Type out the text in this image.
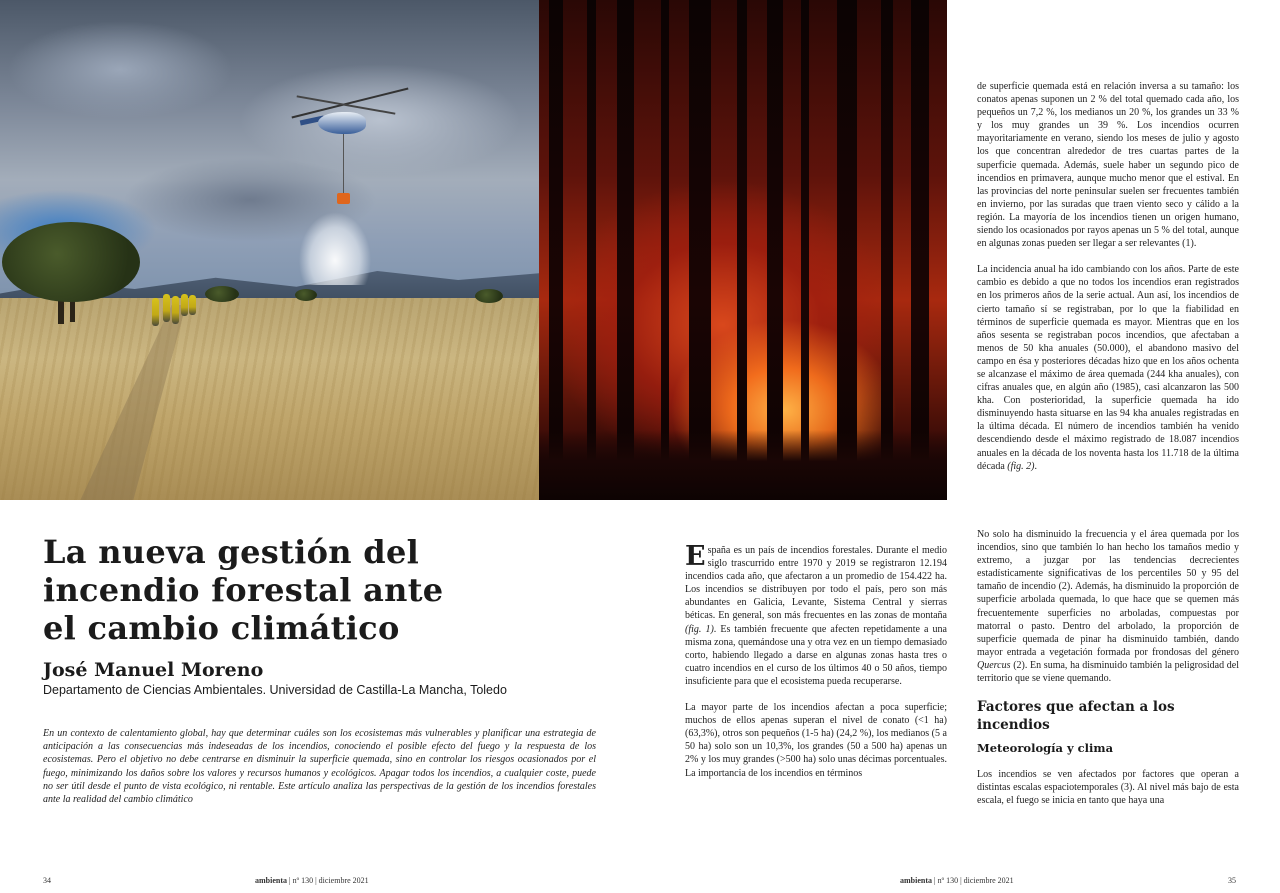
La nueva gestión del
incendio forestal ante
el cambio climático
José Manuel Moreno
Departamento de Ciencias Ambientales. Universidad de Castilla-La Mancha, Toledo

En un contexto de calentamiento global, hay que determinar cuáles son los ecosistemas más vulnerables y planificar una estrategia de anticipación a las consecuencias más indeseadas de los incendios, conociendo el posible efecto del fuego y la respuesta de los ecosistemas. Pero el objetivo no debe centrarse en disminuir la superficie quemada, sino en controlar los riesgos ocasionados por el fuego, minimizando los daños sobre los valores y recursos humanos y ecológicos. Apagar todos los incendios, a cualquier coste, puede no ser útil desde el punto de vista ecológico, ni rentable. Este artículo analiza las perspectivas de la gestión de los incendios forestales ante la realidad del cambio climático

España es un país de incendios forestales. Durante el medio siglo trascurrido entre 1970 y 2019 se registraron 12.194 incendios cada año, que afectaron a un promedio de 154.422 ha. Los incendios se distribuyen por todo el país, pero son más abundantes en Galicia, Levante, Sistema Central y sierras béticas. En general, son más frecuentes en las zonas de montaña (fig. 1). Es también frecuente que afecten repetidamente a una misma zona, quemándose una y otra vez en un tiempo demasiado corto, habiendo llegado a darse en algunas zonas hasta tres o cuatro incendios en el curso de los últimos 40 o 50 años, tiempo insuficiente para que el ecosistema pueda recuperarse.

La mayor parte de los incendios afectan a poca superficie; muchos de ellos apenas superan el nivel de conato (<1 ha) (63,3%), otros son pequeños (1-5 ha) (24,2 %), los medianos (5 a 50 ha) solo son un 10,3%, los grandes (50 a 500 ha) apenas un 2% y los muy grandes (>500 ha) solo unas décimas porcentuales. La importancia de los incendios en términos

de superficie quemada está en relación inversa a su tamaño: los conatos apenas suponen un 2 % del total quemado cada año, los pequeños un 7,2 %, los medianos un 20 %, los grandes un 33 % y los muy grandes un 39 %. Los incendios ocurren mayoritariamente en verano, siendo los meses de julio y agosto los que concentran alrededor de tres cuartas partes de la superficie quemada. Además, suele haber un segundo pico de incendios en primavera, aunque mucho menor que el estival. En las provincias del norte peninsular suelen ser frecuentes también en invierno, por las suradas que traen viento seco y cálido a la región. La mayoría de los incendios tienen un origen humano, siendo los ocasionados por rayos apenas un 5 % del total, aunque en algunas zonas pueden ser llegar a ser relevantes (1).

La incidencia anual ha ido cambiando con los años. Parte de este cambio es debido a que no todos los incendios eran registrados en los primeros años de la serie actual. Aun así, los incendios de cierto tamaño sí se registraban, por lo que la fiabilidad en términos de superficie quemada es mayor. Mientras que en los años sesenta se registraban pocos incendios, que afectaban a menos de 50 kha anuales (50.000), el abandono masivo del campo en ésa y posteriores décadas hizo que en los años ochenta se alcanzase el máximo de área quemada (244 kha anuales), con cifras anuales que, en algún año (1985), casi alcanzaron las 500 kha. Con posterioridad, la superficie quemada ha ido disminuyendo hasta situarse en las 94 kha anuales registradas en la última década. El número de incendios también ha venido descendiendo desde el máximo registrado de 18.087 incendios anuales en la década de los noventa hasta los 11.718 de la última década (fig. 2).

No solo ha disminuido la frecuencia y el área quemada por los incendios, sino que también lo han hecho los tamaños medio y extremo, a juzgar por las tendencias decrecientes estadísticamente significativas de los percentiles 50 y 95 del tamaño de incendio (2). Además, ha disminuido la proporción de superficie arbolada quemada, lo que hace que se quemen más frecuentemente superficies no arboladas, compuestas por matorral o pasto. Dentro del arbolado, la proporción de superficie quemada de pinar ha disminuido también, dando mayor entrada a vegetación formada por frondosas del género Quercus (2). En suma, ha disminuido también la peligrosidad del territorio que se viene quemando.

Factores que afectan a los incendios
Meteorología y clima

Los incendios se ven afectados por factores que operan a distintas escalas espaciotemporales (3). Al nivel más bajo de esta escala, el fuego se inicia en tanto que haya una

34	ambienta | nº 130 | diciembre 2021	ambienta | nº 130 | diciembre 2021	35
